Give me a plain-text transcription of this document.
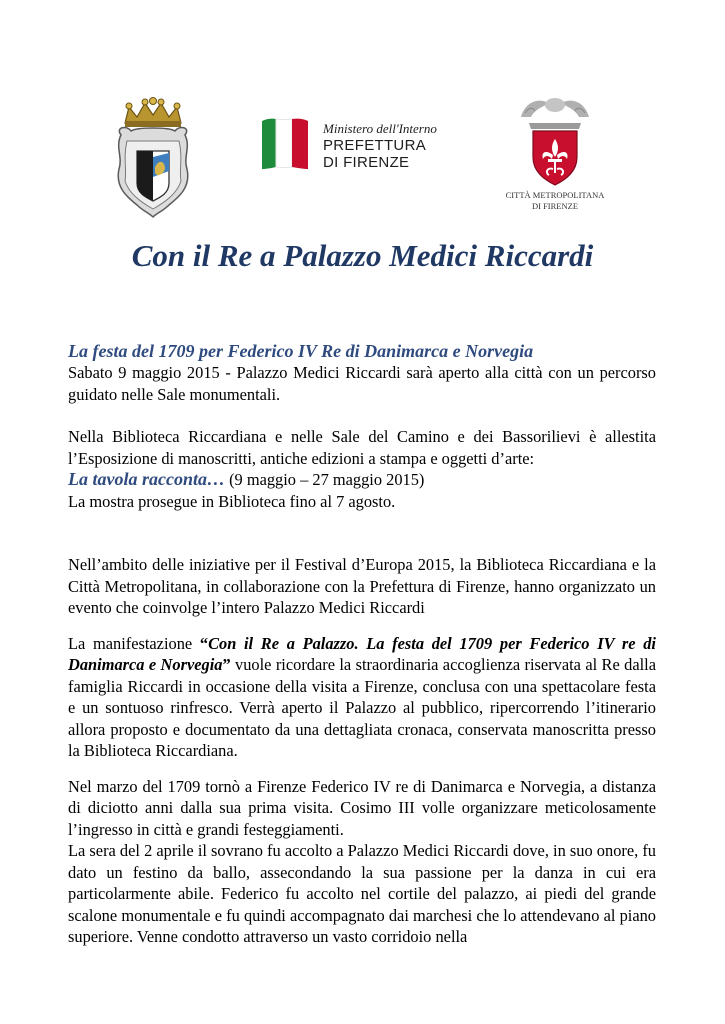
Ministero dell'Interno
PREFETTURA
DI FIRENZE
CITTÀ METROPOLITANA
DI FIRENZE
Con il Re a Palazzo Medici Riccardi

La festa del 1709 per Federico IV Re di Danimarca e Norvegia

Sabato 9 maggio 2015 - Palazzo Medici Riccardi sarà aperto alla città con un percorso guidato nelle Sale monumentali.

Nella Biblioteca Riccardiana e nelle Sale del Camino e dei Bassorilievi è allestita l’Esposizione di manoscritti, antiche edizioni a stampa e oggetti d’arte:

La tavola racconta… (9 maggio – 27 maggio 2015)

La mostra prosegue in Biblioteca fino al 7 agosto.

Nell’ambito delle iniziative per il Festival d’Europa 2015, la Biblioteca Riccardiana e la Città Metropolitana, in collaborazione con la Prefettura di Firenze, hanno organizzato un evento che coinvolge l’intero Palazzo Medici Riccardi

La manifestazione “Con il Re a Palazzo. La festa del 1709 per Federico IV re di Danimarca e Norvegia” vuole ricordare la straordinaria accoglienza riservata al Re dalla famiglia Riccardi in occasione della visita a Firenze, conclusa con una spettacolare festa e un sontuoso rinfresco. Verrà aperto il Palazzo al pubblico, ripercorrendo l’itinerario allora proposto e documentato da una dettagliata cronaca, conservata manoscritta presso la Biblioteca Riccardiana.

Nel marzo del 1709 tornò a Firenze Federico IV re di Danimarca e Norvegia, a distanza di diciotto anni dalla sua prima visita. Cosimo III volle organizzare meticolosamente l’ingresso in città e grandi festeggiamenti.

La sera del 2 aprile il sovrano fu accolto a Palazzo Medici Riccardi dove, in suo onore, fu dato un festino da ballo, assecondando la sua passione per la danza in cui era particolarmente abile. Federico fu accolto nel cortile del palazzo, ai piedi del grande scalone monumentale e fu quindi accompagnato dai marchesi che lo attendevano al piano superiore. Venne condotto attraverso un vasto corridoio nella
